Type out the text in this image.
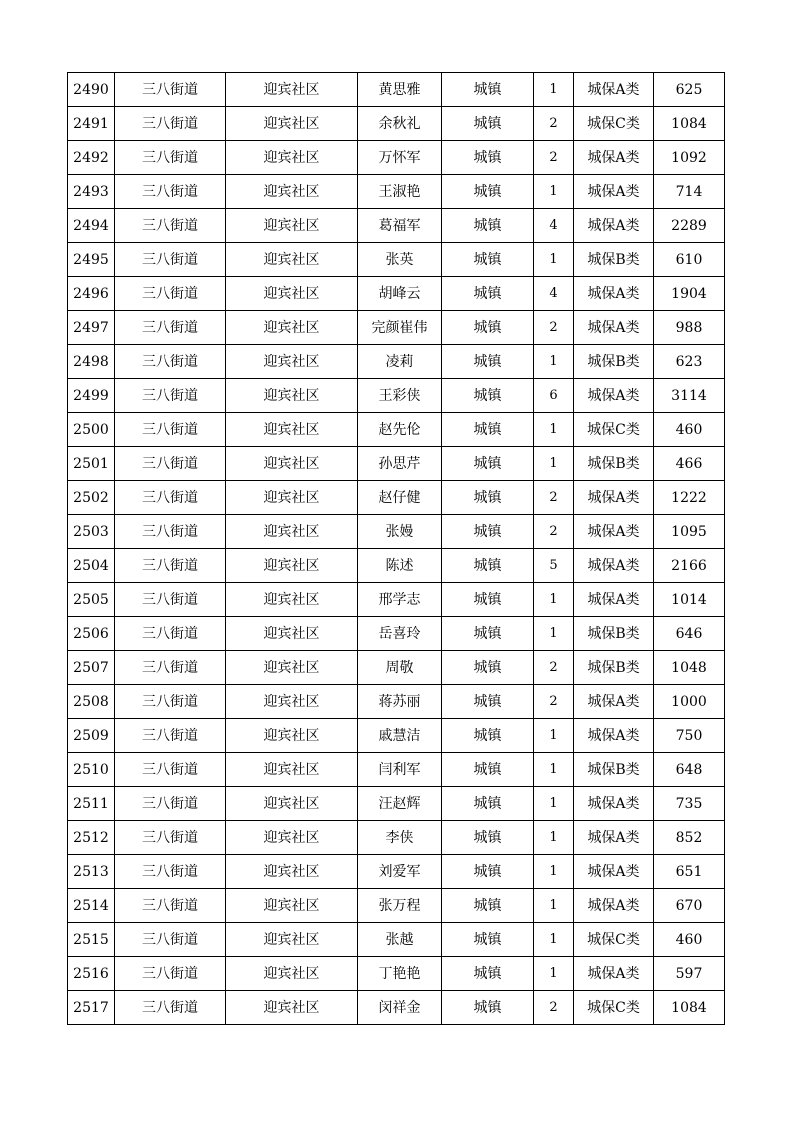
2490	三八街道	迎宾社区	黄思雅	城镇	1	城保A类	625
2491	三八街道	迎宾社区	余秋礼	城镇	2	城保C类	1084
2492	三八街道	迎宾社区	万怀军	城镇	2	城保A类	1092
2493	三八街道	迎宾社区	王淑艳	城镇	1	城保A类	714
2494	三八街道	迎宾社区	葛福军	城镇	4	城保A类	2289
2495	三八街道	迎宾社区	张英	城镇	1	城保B类	610
2496	三八街道	迎宾社区	胡峰云	城镇	4	城保A类	1904
2497	三八街道	迎宾社区	完颜崔伟	城镇	2	城保A类	988
2498	三八街道	迎宾社区	凌莉	城镇	1	城保B类	623
2499	三八街道	迎宾社区	王彩侠	城镇	6	城保A类	3114
2500	三八街道	迎宾社区	赵先伦	城镇	1	城保C类	460
2501	三八街道	迎宾社区	孙思芹	城镇	1	城保B类	466
2502	三八街道	迎宾社区	赵仔健	城镇	2	城保A类	1222
2503	三八街道	迎宾社区	张嫚	城镇	2	城保A类	1095
2504	三八街道	迎宾社区	陈述	城镇	5	城保A类	2166
2505	三八街道	迎宾社区	邢学志	城镇	1	城保A类	1014
2506	三八街道	迎宾社区	岳喜玲	城镇	1	城保B类	646
2507	三八街道	迎宾社区	周敬	城镇	2	城保B类	1048
2508	三八街道	迎宾社区	蒋苏丽	城镇	2	城保A类	1000
2509	三八街道	迎宾社区	戚慧洁	城镇	1	城保A类	750
2510	三八街道	迎宾社区	闫利军	城镇	1	城保B类	648
2511	三八街道	迎宾社区	汪赵辉	城镇	1	城保A类	735
2512	三八街道	迎宾社区	李侠	城镇	1	城保A类	852
2513	三八街道	迎宾社区	刘爱军	城镇	1	城保A类	651
2514	三八街道	迎宾社区	张万程	城镇	1	城保A类	670
2515	三八街道	迎宾社区	张越	城镇	1	城保C类	460
2516	三八街道	迎宾社区	丁艳艳	城镇	1	城保A类	597
2517	三八街道	迎宾社区	闵祥金	城镇	2	城保C类	1084
